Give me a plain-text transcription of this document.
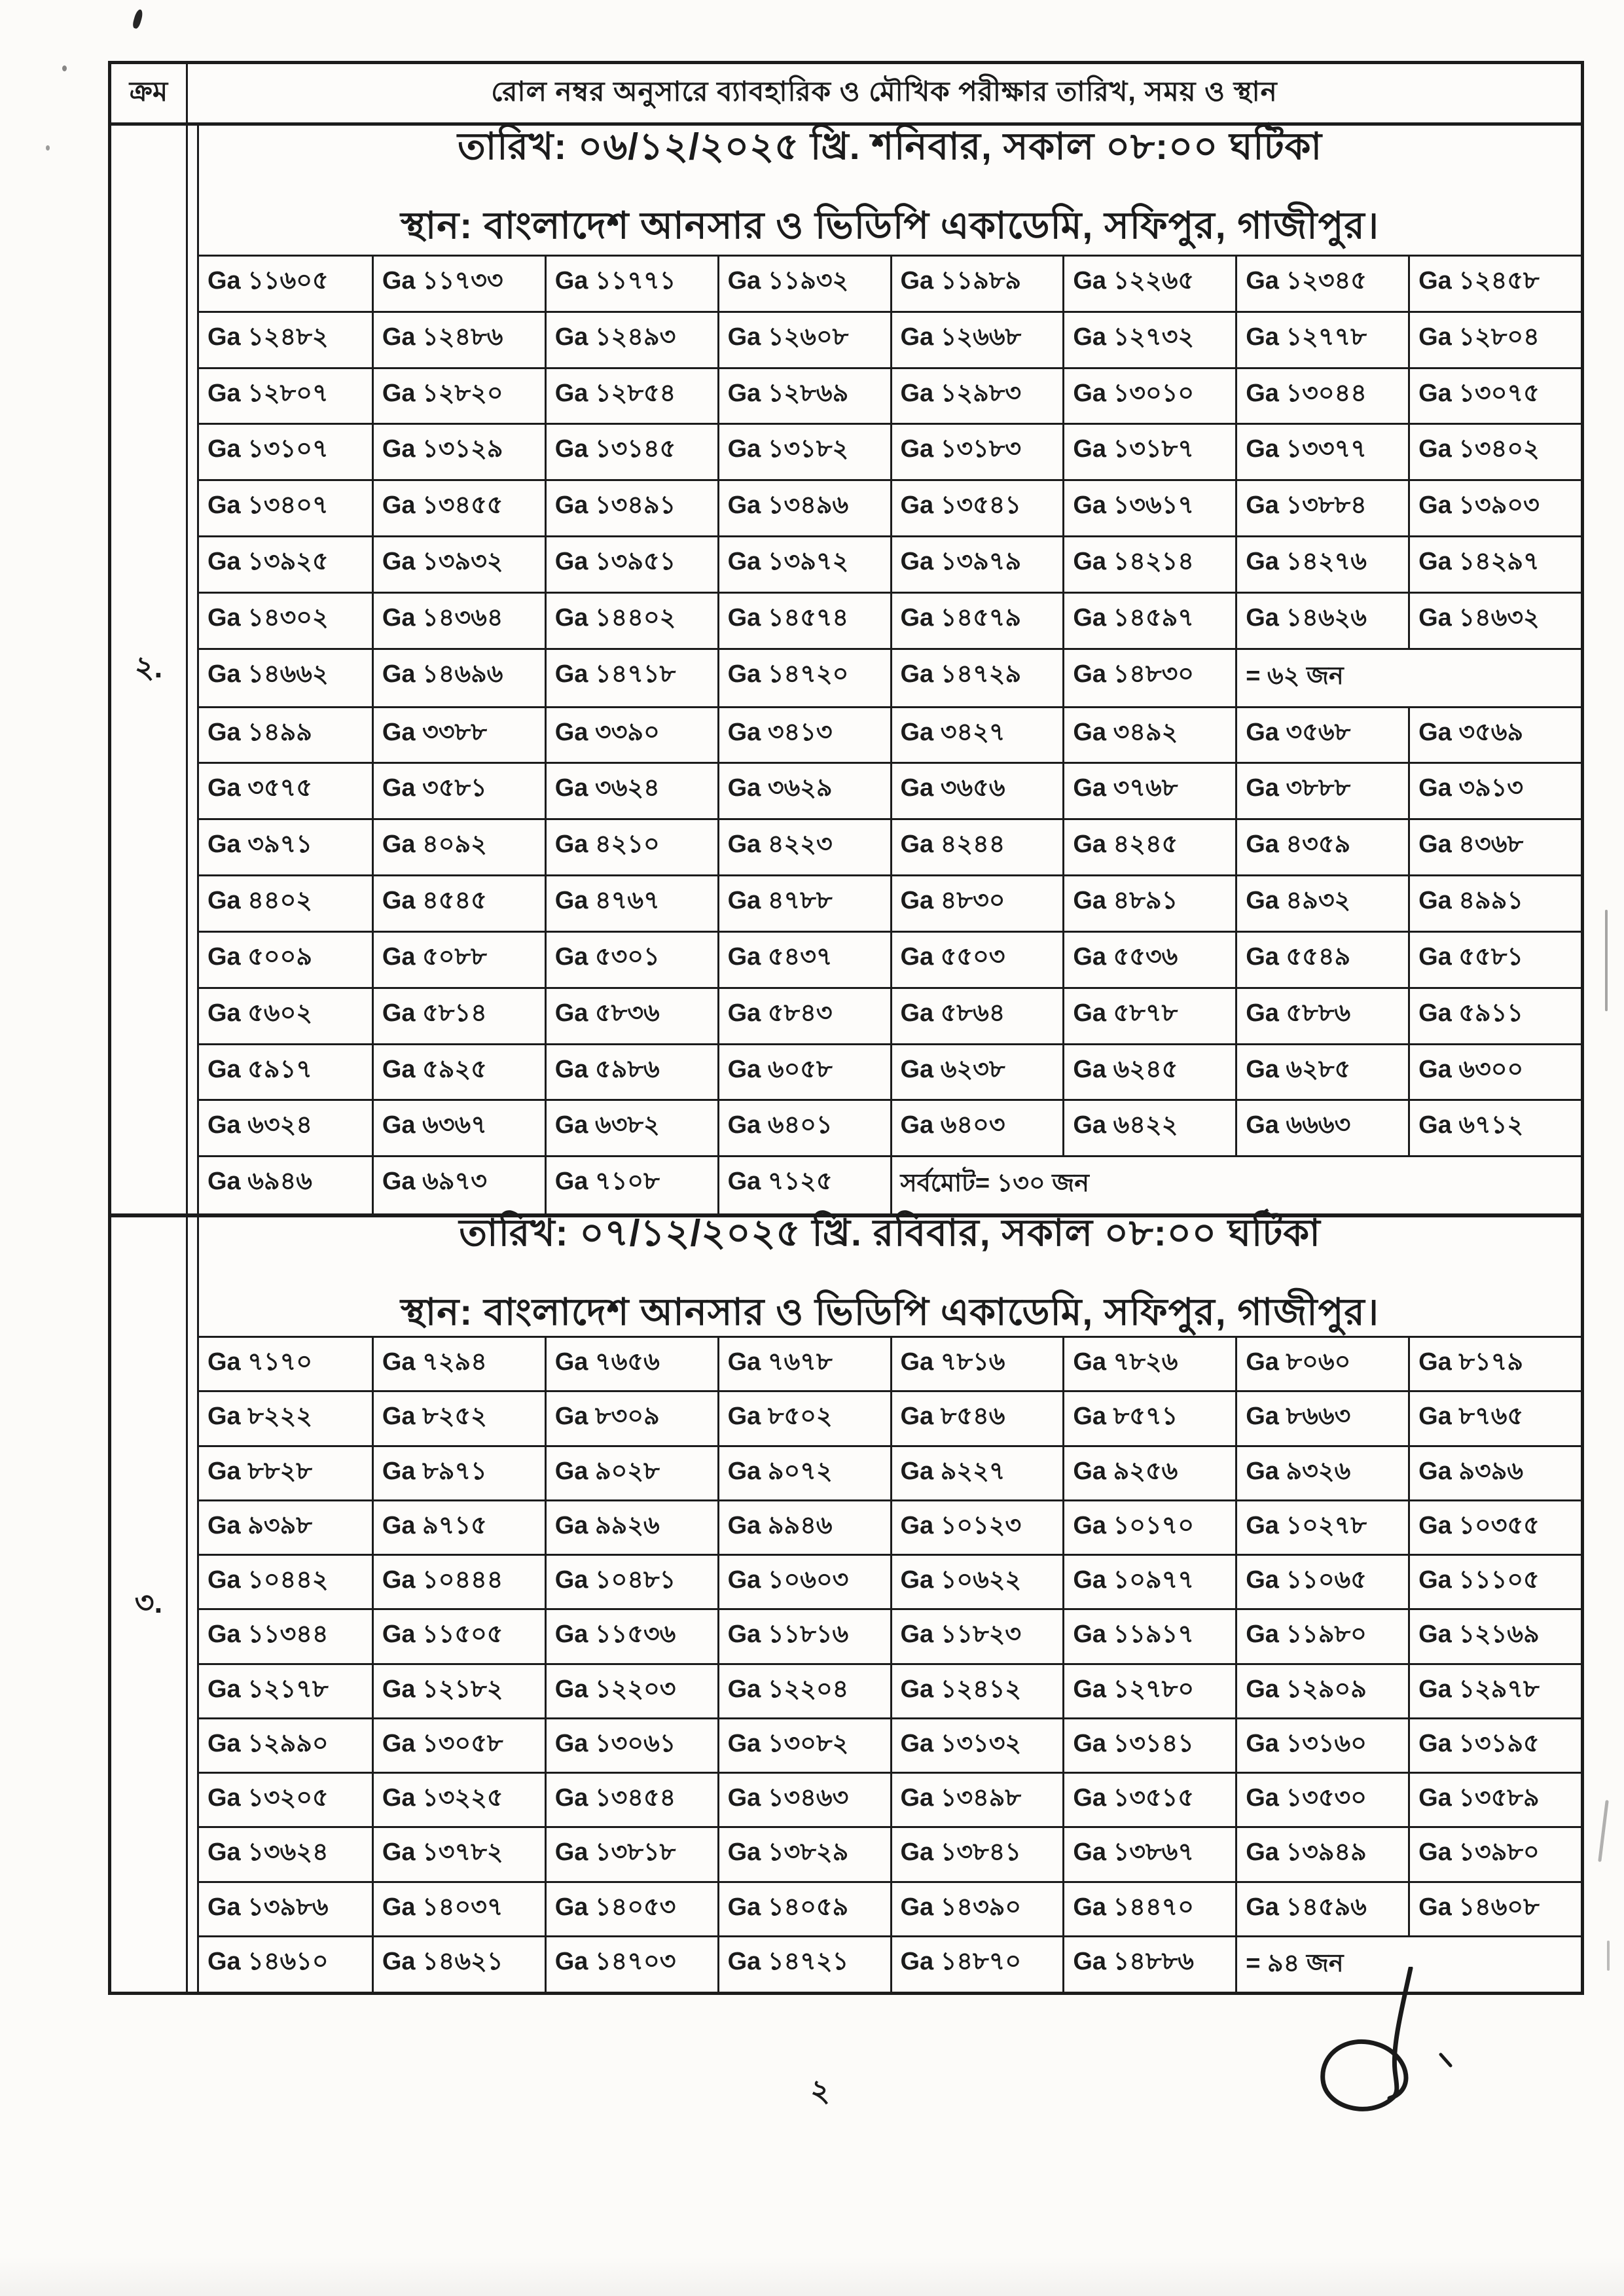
ক্রম	রোল নম্বর অনুসারে ব্যাবহারিক ও মৌখিক পরীক্ষার তারিখ, সময় ও স্থান
২.
তারিখ: ০৬/১২/২০২৫ খ্রি. শনিবার, সকাল ০৮:০০ ঘটিকা
স্থান: বাংলাদেশ আনসার ও ভিডিপি একাডেমি, সফিপুর, গাজীপুর।
Ga ১১৬০৫	Ga ১১৭৩৩	Ga ১১৭৭১	Ga ১১৯৩২	Ga ১১৯৮৯	Ga ১২২৬৫	Ga ১২৩৪৫	Ga ১২৪৫৮
Ga ১২৪৮২	Ga ১২৪৮৬	Ga ১২৪৯৩	Ga ১২৬০৮	Ga ১২৬৬৮	Ga ১২৭৩২	Ga ১২৭৭৮	Ga ১২৮০৪
Ga ১২৮০৭	Ga ১২৮২০	Ga ১২৮৫৪	Ga ১২৮৬৯	Ga ১২৯৮৩	Ga ১৩০১০	Ga ১৩০৪৪	Ga ১৩০৭৫
Ga ১৩১০৭	Ga ১৩১২৯	Ga ১৩১৪৫	Ga ১৩১৮২	Ga ১৩১৮৩	Ga ১৩১৮৭	Ga ১৩৩৭৭	Ga ১৩৪০২
Ga ১৩৪০৭	Ga ১৩৪৫৫	Ga ১৩৪৯১	Ga ১৩৪৯৬	Ga ১৩৫৪১	Ga ১৩৬১৭	Ga ১৩৮৮৪	Ga ১৩৯০৩
Ga ১৩৯২৫	Ga ১৩৯৩২	Ga ১৩৯৫১	Ga ১৩৯৭২	Ga ১৩৯৭৯	Ga ১৪২১৪	Ga ১৪২৭৬	Ga ১৪২৯৭
Ga ১৪৩০২	Ga ১৪৩৬৪	Ga ১৪৪০২	Ga ১৪৫৭৪	Ga ১৪৫৭৯	Ga ১৪৫৯৭	Ga ১৪৬২৬	Ga ১৪৬৩২
Ga ১৪৬৬২	Ga ১৪৬৯৬	Ga ১৪৭১৮	Ga ১৪৭২০	Ga ১৪৭২৯	Ga ১৪৮৩০	= ৬২ জন
Ga ১৪৯৯	Ga ৩৩৮৮	Ga ৩৩৯০	Ga ৩৪১৩	Ga ৩৪২৭	Ga ৩৪৯২	Ga ৩৫৬৮	Ga ৩৫৬৯
Ga ৩৫৭৫	Ga ৩৫৮১	Ga ৩৬২৪	Ga ৩৬২৯	Ga ৩৬৫৬	Ga ৩৭৬৮	Ga ৩৮৮৮	Ga ৩৯১৩
Ga ৩৯৭১	Ga ৪০৯২	Ga ৪২১০	Ga ৪২২৩	Ga ৪২৪৪	Ga ৪২৪৫	Ga ৪৩৫৯	Ga ৪৩৬৮
Ga ৪৪০২	Ga ৪৫৪৫	Ga ৪৭৬৭	Ga ৪৭৮৮	Ga ৪৮৩০	Ga ৪৮৯১	Ga ৪৯৩২	Ga ৪৯৯১
Ga ৫০০৯	Ga ৫০৮৮	Ga ৫৩০১	Ga ৫৪৩৭	Ga ৫৫০৩	Ga ৫৫৩৬	Ga ৫৫৪৯	Ga ৫৫৮১
Ga ৫৬০২	Ga ৫৮১৪	Ga ৫৮৩৬	Ga ৫৮৪৩	Ga ৫৮৬৪	Ga ৫৮৭৮	Ga ৫৮৮৬	Ga ৫৯১১
Ga ৫৯১৭	Ga ৫৯২৫	Ga ৫৯৮৬	Ga ৬০৫৮	Ga ৬২৩৮	Ga ৬২৪৫	Ga ৬২৮৫	Ga ৬৩০০
Ga ৬৩২৪	Ga ৬৩৬৭	Ga ৬৩৮২	Ga ৬৪০১	Ga ৬৪০৩	Ga ৬৪২২	Ga ৬৬৬৩	Ga ৬৭১২
Ga ৬৯৪৬	Ga ৬৯৭৩	Ga ৭১০৮	Ga ৭১২৫	সর্বমোট= ১৩০ জন
৩.
তারিখ: ০৭/১২/২০২৫ খ্রি. রবিবার, সকাল ০৮:০০ ঘটিকা
স্থান: বাংলাদেশ আনসার ও ভিডিপি একাডেমি, সফিপুর, গাজীপুর।
Ga ৭১৭০	Ga ৭২৯৪	Ga ৭৬৫৬	Ga ৭৬৭৮	Ga ৭৮১৬	Ga ৭৮২৬	Ga ৮০৬০	Ga ৮১৭৯
Ga ৮২২২	Ga ৮২৫২	Ga ৮৩০৯	Ga ৮৫০২	Ga ৮৫৪৬	Ga ৮৫৭১	Ga ৮৬৬৩	Ga ৮৭৬৫
Ga ৮৮২৮	Ga ৮৯৭১	Ga ৯০২৮	Ga ৯০৭২	Ga ৯২২৭	Ga ৯২৫৬	Ga ৯৩২৬	Ga ৯৩৯৬
Ga ৯৩৯৮	Ga ৯৭১৫	Ga ৯৯২৬	Ga ৯৯৪৬	Ga ১০১২৩	Ga ১০১৭০	Ga ১০২৭৮	Ga ১০৩৫৫
Ga ১০৪৪২	Ga ১০৪৪৪	Ga ১০৪৮১	Ga ১০৬০৩	Ga ১০৬২২	Ga ১০৯৭৭	Ga ১১০৬৫	Ga ১১১০৫
Ga ১১৩৪৪	Ga ১১৫০৫	Ga ১১৫৩৬	Ga ১১৮১৬	Ga ১১৮২৩	Ga ১১৯১৭	Ga ১১৯৮০	Ga ১২১৬৯
Ga ১২১৭৮	Ga ১২১৮২	Ga ১২২০৩	Ga ১২২০৪	Ga ১২৪১২	Ga ১২৭৮০	Ga ১২৯০৯	Ga ১২৯৭৮
Ga ১২৯৯০	Ga ১৩০৫৮	Ga ১৩০৬১	Ga ১৩০৮২	Ga ১৩১৩২	Ga ১৩১৪১	Ga ১৩১৬০	Ga ১৩১৯৫
Ga ১৩২০৫	Ga ১৩২২৫	Ga ১৩৪৫৪	Ga ১৩৪৬৩	Ga ১৩৪৯৮	Ga ১৩৫১৫	Ga ১৩৫৩০	Ga ১৩৫৮৯
Ga ১৩৬২৪	Ga ১৩৭৮২	Ga ১৩৮১৮	Ga ১৩৮২৯	Ga ১৩৮৪১	Ga ১৩৮৬৭	Ga ১৩৯৪৯	Ga ১৩৯৮০
Ga ১৩৯৮৬	Ga ১৪০৩৭	Ga ১৪০৫৩	Ga ১৪০৫৯	Ga ১৪৩৯০	Ga ১৪৪৭০	Ga ১৪৫৯৬	Ga ১৪৬০৮
Ga ১৪৬১০	Ga ১৪৬২১	Ga ১৪৭০৩	Ga ১৪৭২১	Ga ১৪৮৭০	Ga ১৪৮৮৬	= ৯৪ জন
২
